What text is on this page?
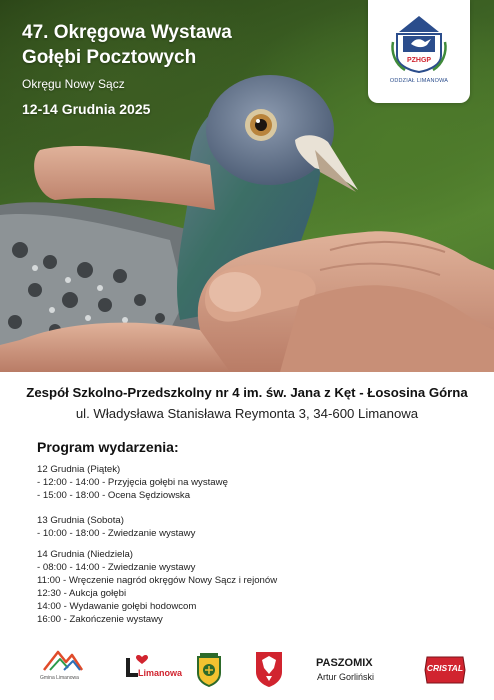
47. Okręgowa Wystawa
Gołębi Pocztowych
Okręgu Nowy Sącz
12-14 Grudnia 2025
PZHGP
ODDZIAŁ LIMANOWA
Zespół Szkolno-Przedszkolny nr 4 im. św. Jana z Kęt - Łososina Górna
ul. Władysława Stanisława Reymonta 3, 34-600 Limanowa
Program wydarzenia:
12 Grudnia (Piątek)
- 12:00 - 14:00 - Przyjęcia gołębi na wystawę
- 15:00 - 18:00 - Ocena Sędziowska
13 Grudnia (Sobota)
- 10:00 - 18:00 - Zwiedzanie wystawy
14 Grudnia (Niedziela)
- 08:00 - 14:00 - Zwiedzanie wystawy
11:00 - Wręczenie nagród okręgów Nowy Sącz i rejonów
12:30 - Aukcja gołębi
14:00 - Wydawanie gołębi hodowcom
16:00 - Zakończenie wystawy
Gmina Limanowa	Limanowa
PASZOMIX
Artur Gorliński
CRISTAL
